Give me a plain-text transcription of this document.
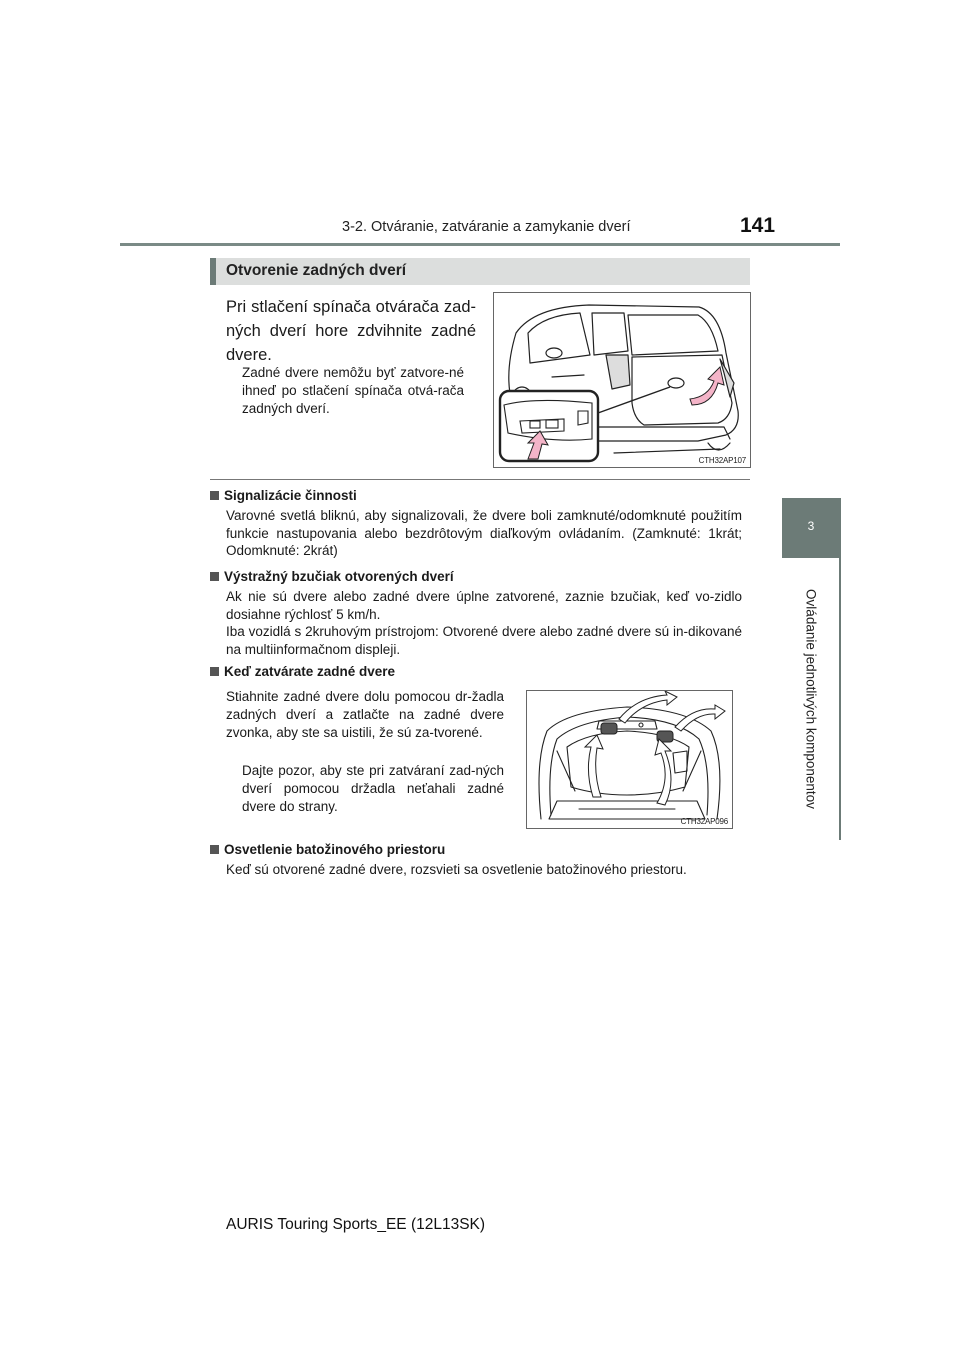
3-2. Otváranie, zatváranie a zamykanie dverí	141
3
Ovládanie jednotlivých komponentov
Otvorenie zadných dverí
Pri stlačení spínača otvárača zad-ných dverí hore zdvihnite zadné dvere.
Zadné dvere nemôžu byť zatvore-né ihneď po stlačení spínača otvá-rača zadných dverí.
CTH32AP107
Signalizácie činnosti
Varovné svetlá bliknú, aby signalizovali, že dvere boli zamknuté/odomknuté použitím funkcie nastupovania alebo bezdrôtovým diaľkovým ovládaním. (Zamknuté: 1krát; Odomknuté: 2krát)
Výstražný bzučiak otvorených dverí
Ak nie sú dvere alebo zadné dvere úplne zatvorené, zaznie bzučiak, keď vo-zidlo dosiahne rýchlosť 5 km/h.
Iba vozidlá s 2kruhovým prístrojom: Otvorené dvere alebo zadné dvere sú in-dikované na multiinformačnom displeji.
Keď zatvárate zadné dvere
Stiahnite zadné dvere dolu pomocou dr-žadla zadných dverí a zatlačte na zadné dvere zvonka, aby ste sa uistili, že sú za-tvorené.
Dajte pozor, aby ste pri zatváraní zad-ných dverí pomocou držadla neťahali zadné dvere do strany.
CTH32AP096
Osvetlenie batožinového priestoru
Keď sú otvorené zadné dvere, rozsvieti sa osvetlenie batožinového priestoru.
AURIS Touring Sports_EE (12L13SK)
